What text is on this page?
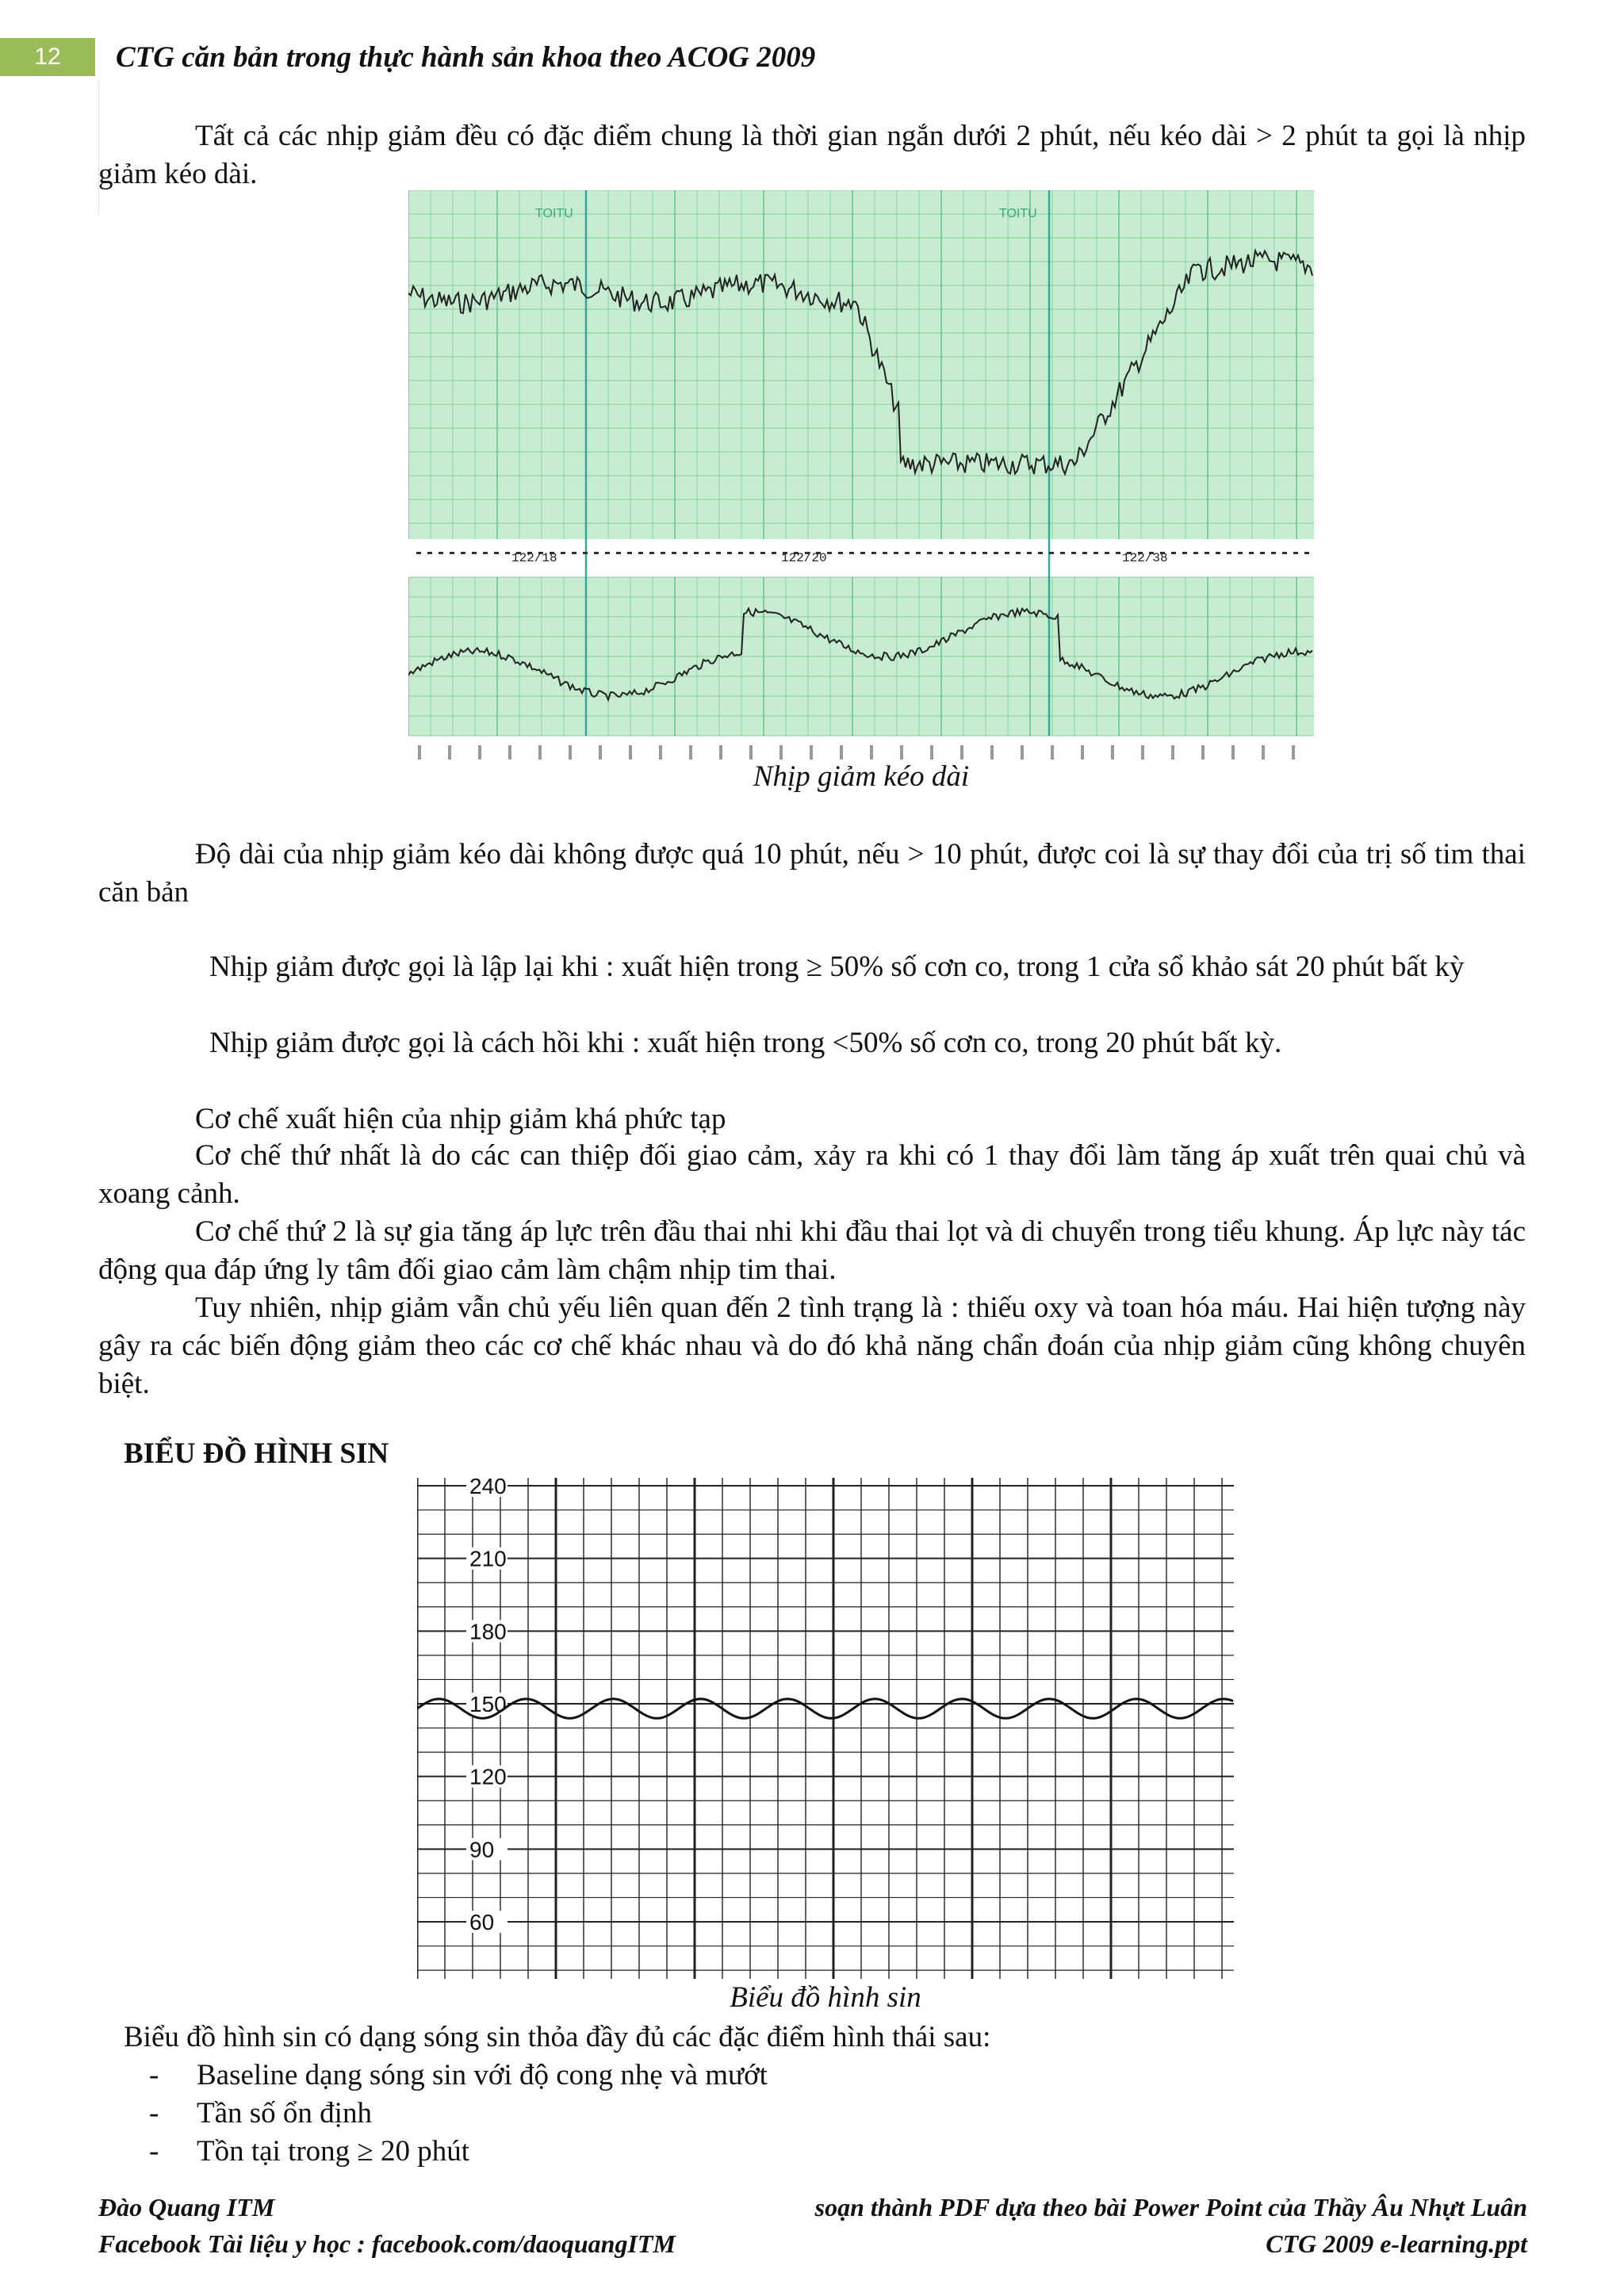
12	CTG căn bản trong thực hành sản khoa theo ACOG 2009
Tất cả các nhịp giảm đều có đặc điểm chung là thời gian ngắn dưới 2 phút, nếu kéo dài > 2 phút ta gọi là nhịp giảm kéo dài.
TOITU	TOITU
122/18	122/20	122/38
Nhịp giảm kéo dài
Độ dài của nhịp giảm kéo dài không được quá 10 phút, nếu > 10 phút, được coi là sự thay đổi của trị số tim thai căn bản
Nhịp giảm được gọi là lập lại khi : xuất hiện trong ≥ 50% số cơn co, trong 1 cửa sổ khảo sát 20 phút bất kỳ
Nhịp giảm được gọi là cách hồi khi : xuất hiện trong <50% số cơn co, trong 20 phút bất kỳ.
Cơ chế xuất hiện của nhịp giảm khá phức tạp
Cơ chế thứ nhất là do các can thiệp đối giao cảm, xảy ra khi có 1 thay đổi làm tăng áp xuất trên quai chủ và xoang cảnh.
Cơ chế thứ 2 là sự gia tăng áp lực trên đầu thai nhi khi đầu thai lọt và di chuyển trong tiểu khung. Áp lực này tác động qua đáp ứng ly tâm đối giao cảm làm chậm nhịp tim thai.
Tuy nhiên, nhịp giảm vẫn chủ yếu liên quan đến 2 tình trạng là : thiếu oxy và toan hóa máu. Hai hiện tượng này gây ra các biến động giảm theo các cơ chế khác nhau và do đó khả năng chẩn đoán của nhịp giảm cũng không chuyên biệt.
BIỂU ĐỒ HÌNH SIN
240
210
180
150
120
90
60
Biểu đồ hình sin
Biểu đồ hình sin có dạng sóng sin thỏa đầy đủ các đặc điểm hình thái sau:
- Baseline dạng sóng sin với độ cong nhẹ và mướt
- Tần số ổn định
- Tồn tại trong ≥ 20 phút
Đào Quang ITM
Facebook Tài liệu y học : facebook.com/daoquangITM
soạn thành PDF dựa theo bài Power Point của Thầy Âu Nhựt Luân
CTG 2009 e-learning.ppt
